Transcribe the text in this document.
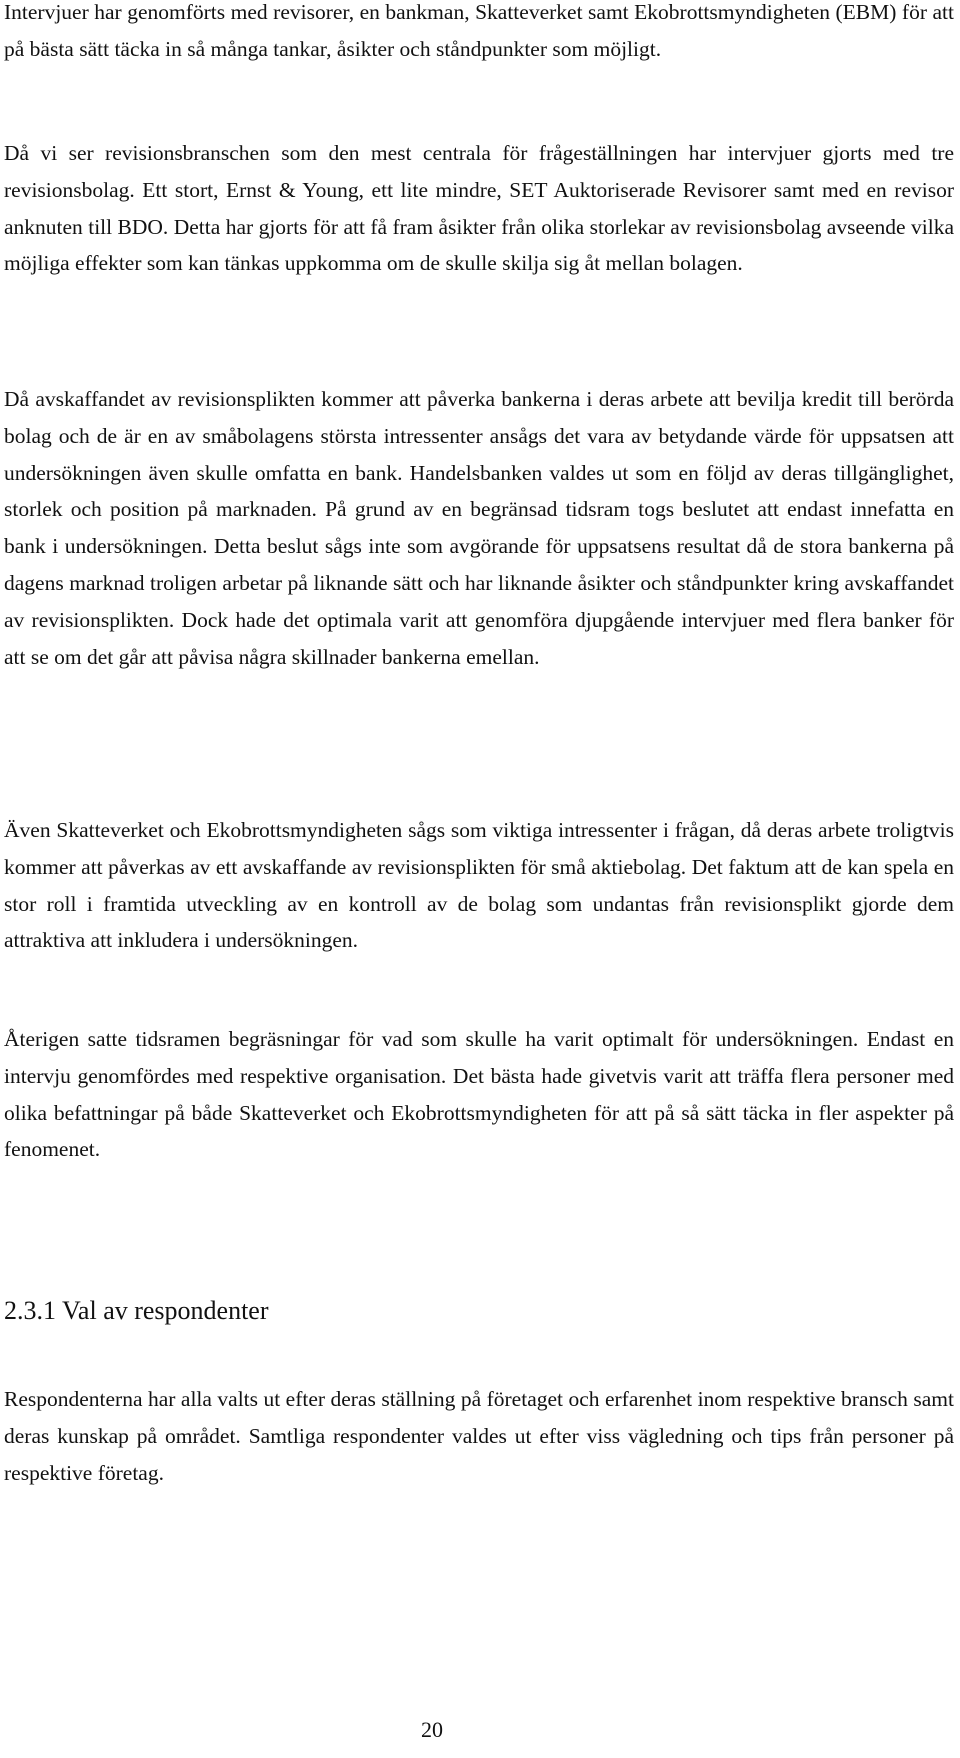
Intervjuer har genomförts med revisorer, en bankman, Skatteverket samt Ekobrottsmyndigheten (EBM) för att på bästa sätt täcka in så många tankar, åsikter och ståndpunkter som möjligt.

Då vi ser revisionsbranschen som den mest centrala för frågeställningen har intervjuer gjorts med tre revisionsbolag. Ett stort, Ernst & Young, ett lite mindre, SET Auktoriserade Revisorer samt med en revisor anknuten till BDO. Detta har gjorts för att få fram åsikter från olika storlekar av revisionsbolag avseende vilka möjliga effekter som kan tänkas uppkomma om de skulle skilja sig åt mellan bolagen.

Då avskaffandet av revisionsplikten kommer att påverka bankerna i deras arbete att bevilja kredit till berörda bolag och de är en av småbolagens största intressenter ansågs det vara av betydande värde för uppsatsen att undersökningen även skulle omfatta en bank. Handelsbanken valdes ut som en följd av deras tillgänglighet, storlek och position på marknaden. På grund av en begränsad tidsram togs beslutet att endast innefatta en bank i undersökningen. Detta beslut sågs inte som avgörande för uppsatsens resultat då de stora bankerna på dagens marknad troligen arbetar på liknande sätt och har liknande åsikter och ståndpunkter kring avskaffandet av revisionsplikten. Dock hade det optimala varit att genomföra djupgående intervjuer med flera banker för att se om det går att påvisa några skillnader bankerna emellan.

Även Skatteverket och Ekobrottsmyndigheten sågs som viktiga intressenter i frågan, då deras arbete troligtvis kommer att påverkas av ett avskaffande av revisionsplikten för små aktiebolag. Det faktum att de kan spela en stor roll i framtida utveckling av en kontroll av de bolag som undantas från revisionsplikt gjorde dem attraktiva att inkludera i undersökningen.

Återigen satte tidsramen begräsningar för vad som skulle ha varit optimalt för undersökningen. Endast en intervju genomfördes med respektive organisation. Det bästa hade givetvis varit att träffa flera personer med olika befattningar på både Skatteverket och Ekobrottsmyndigheten för att på så sätt täcka in fler aspekter på fenomenet.

2.3.1 Val av respondenter

Respondenterna har alla valts ut efter deras ställning på företaget och erfarenhet inom respektive bransch samt deras kunskap på området. Samtliga respondenter valdes ut efter viss vägledning och tips från personer på respektive företag.

20
